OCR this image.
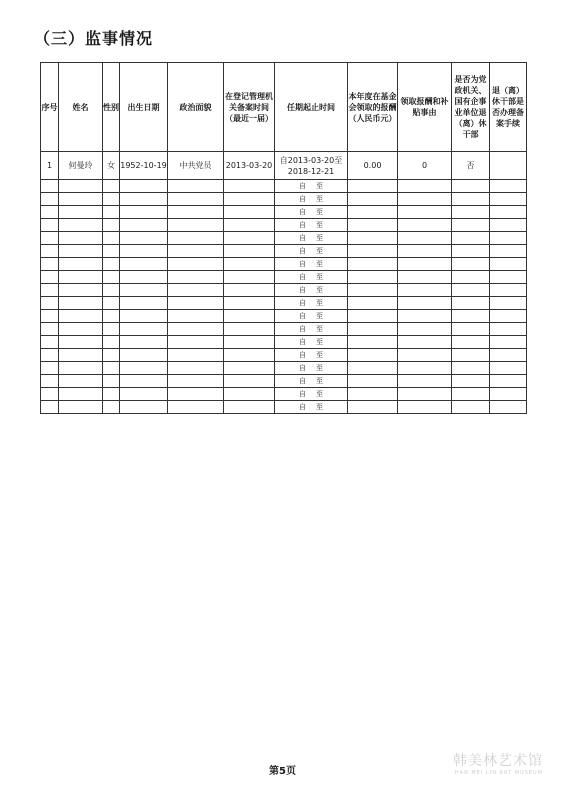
（三）监事情况
序号	姓名	性别	出生日期	政治面貌	在登记管理机关备案时间（最近一届）	任期起止时间	本年度在基金会领取的报酬（人民币元）	领取报酬和补贴事由	是否为党政机关、国有企事业单位退（离）休干部	退（离）休干部是否办理备案手续
1	何曼玲	女	1952-10-19	中共党员	2013-03-20	自2013-03-20至
2018-12-21	0.00	0	否	
						自 至				
						自 至				
						自 至				
						自 至				
						自 至				
						自 至				
						自 至				
						自 至				
						自 至				
						自 至				
						自 至				
						自 至				
						自 至				
						自 至				
						自 至				
						自 至				
						自 至				
						自 至				
第5页
韩美林艺术馆
HAN MEI LIN ART MUSEUM
